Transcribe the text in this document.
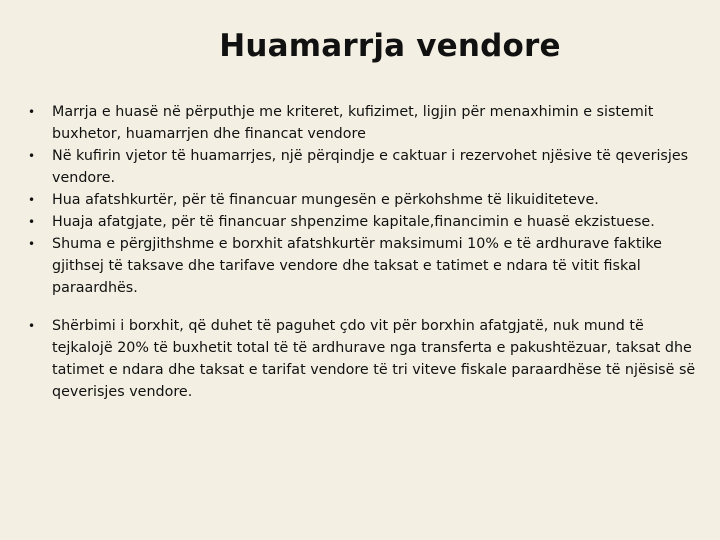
Huamarrja vendore
• Marrja e huasë në përputhje me kriteret, kufizimet, ligjin për menaxhimin e sistemit buxhetor, huamarrjen dhe financat vendore
• Në kufirin vjetor të huamarrjes, një përqindje e caktuar i rezervohet njësive të qeverisjes vendore.
• Hua afatshkurtër, për të financuar mungesën e përkohshme të likuiditeteve.
• Huaja afatgjate, për të financuar shpenzime kapitale,financimin e huasë ekzistuese.
• Shuma e përgjithshme e borxhit afatshkurtër maksimumi 10% e të ardhurave faktike gjithsej të taksave dhe tarifave vendore dhe taksat e tatimet e ndara të vitit fiskal paraardhës.
• Shërbimi i borxhit, që duhet të paguhet çdo vit për borxhin afatgjatë, nuk mund të tejkalojë 20% të buxhetit total të të ardhurave nga transferta e pakushtëzuar, taksat dhe tatimet e ndara dhe taksat e tarifat vendore të tri viteve fiskale paraardhëse të njësisë së qeverisjes vendore.
